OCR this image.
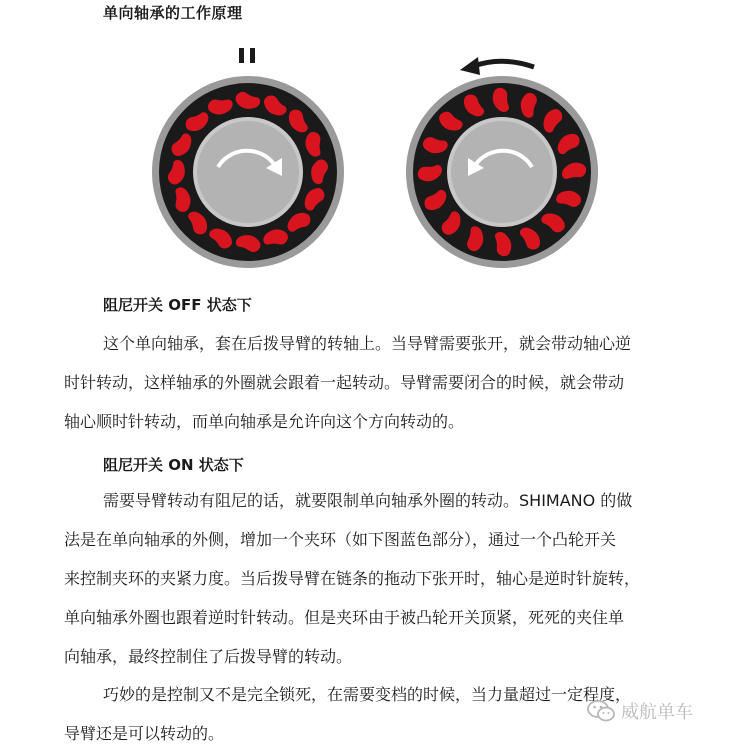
单向轴承的工作原理
阻尼开关 OFF 状态下

这个单向轴承，套在后拨导臂的转轴上。当导臂需要张开，就会带动轴心逆
时针转动，这样轴承的外圈就会跟着一起转动。导臂需要闭合的时候，就会带动
轴心顺时针转动，而单向轴承是允许向这个方向转动的。

阻尼开关 ON 状态下

需要导臂转动有阻尼的话，就要限制单向轴承外圈的转动。SHIMANO 的做
法是在单向轴承的外侧，增加一个夹环（如下图蓝色部分），通过一个凸轮开关
来控制夹环的夹紧力度。当后拨导臂在链条的拖动下张开时，轴心是逆时针旋转，
单向轴承外圈也跟着逆时针转动。但是夹环由于被凸轮开关顶紧，死死的夹住单
向轴承，最终控制住了后拨导臂的转动。

巧妙的是控制又不是完全锁死，在需要变档的时候，当力量超过一定程度，
导臂还是可以转动的。

威航单车
